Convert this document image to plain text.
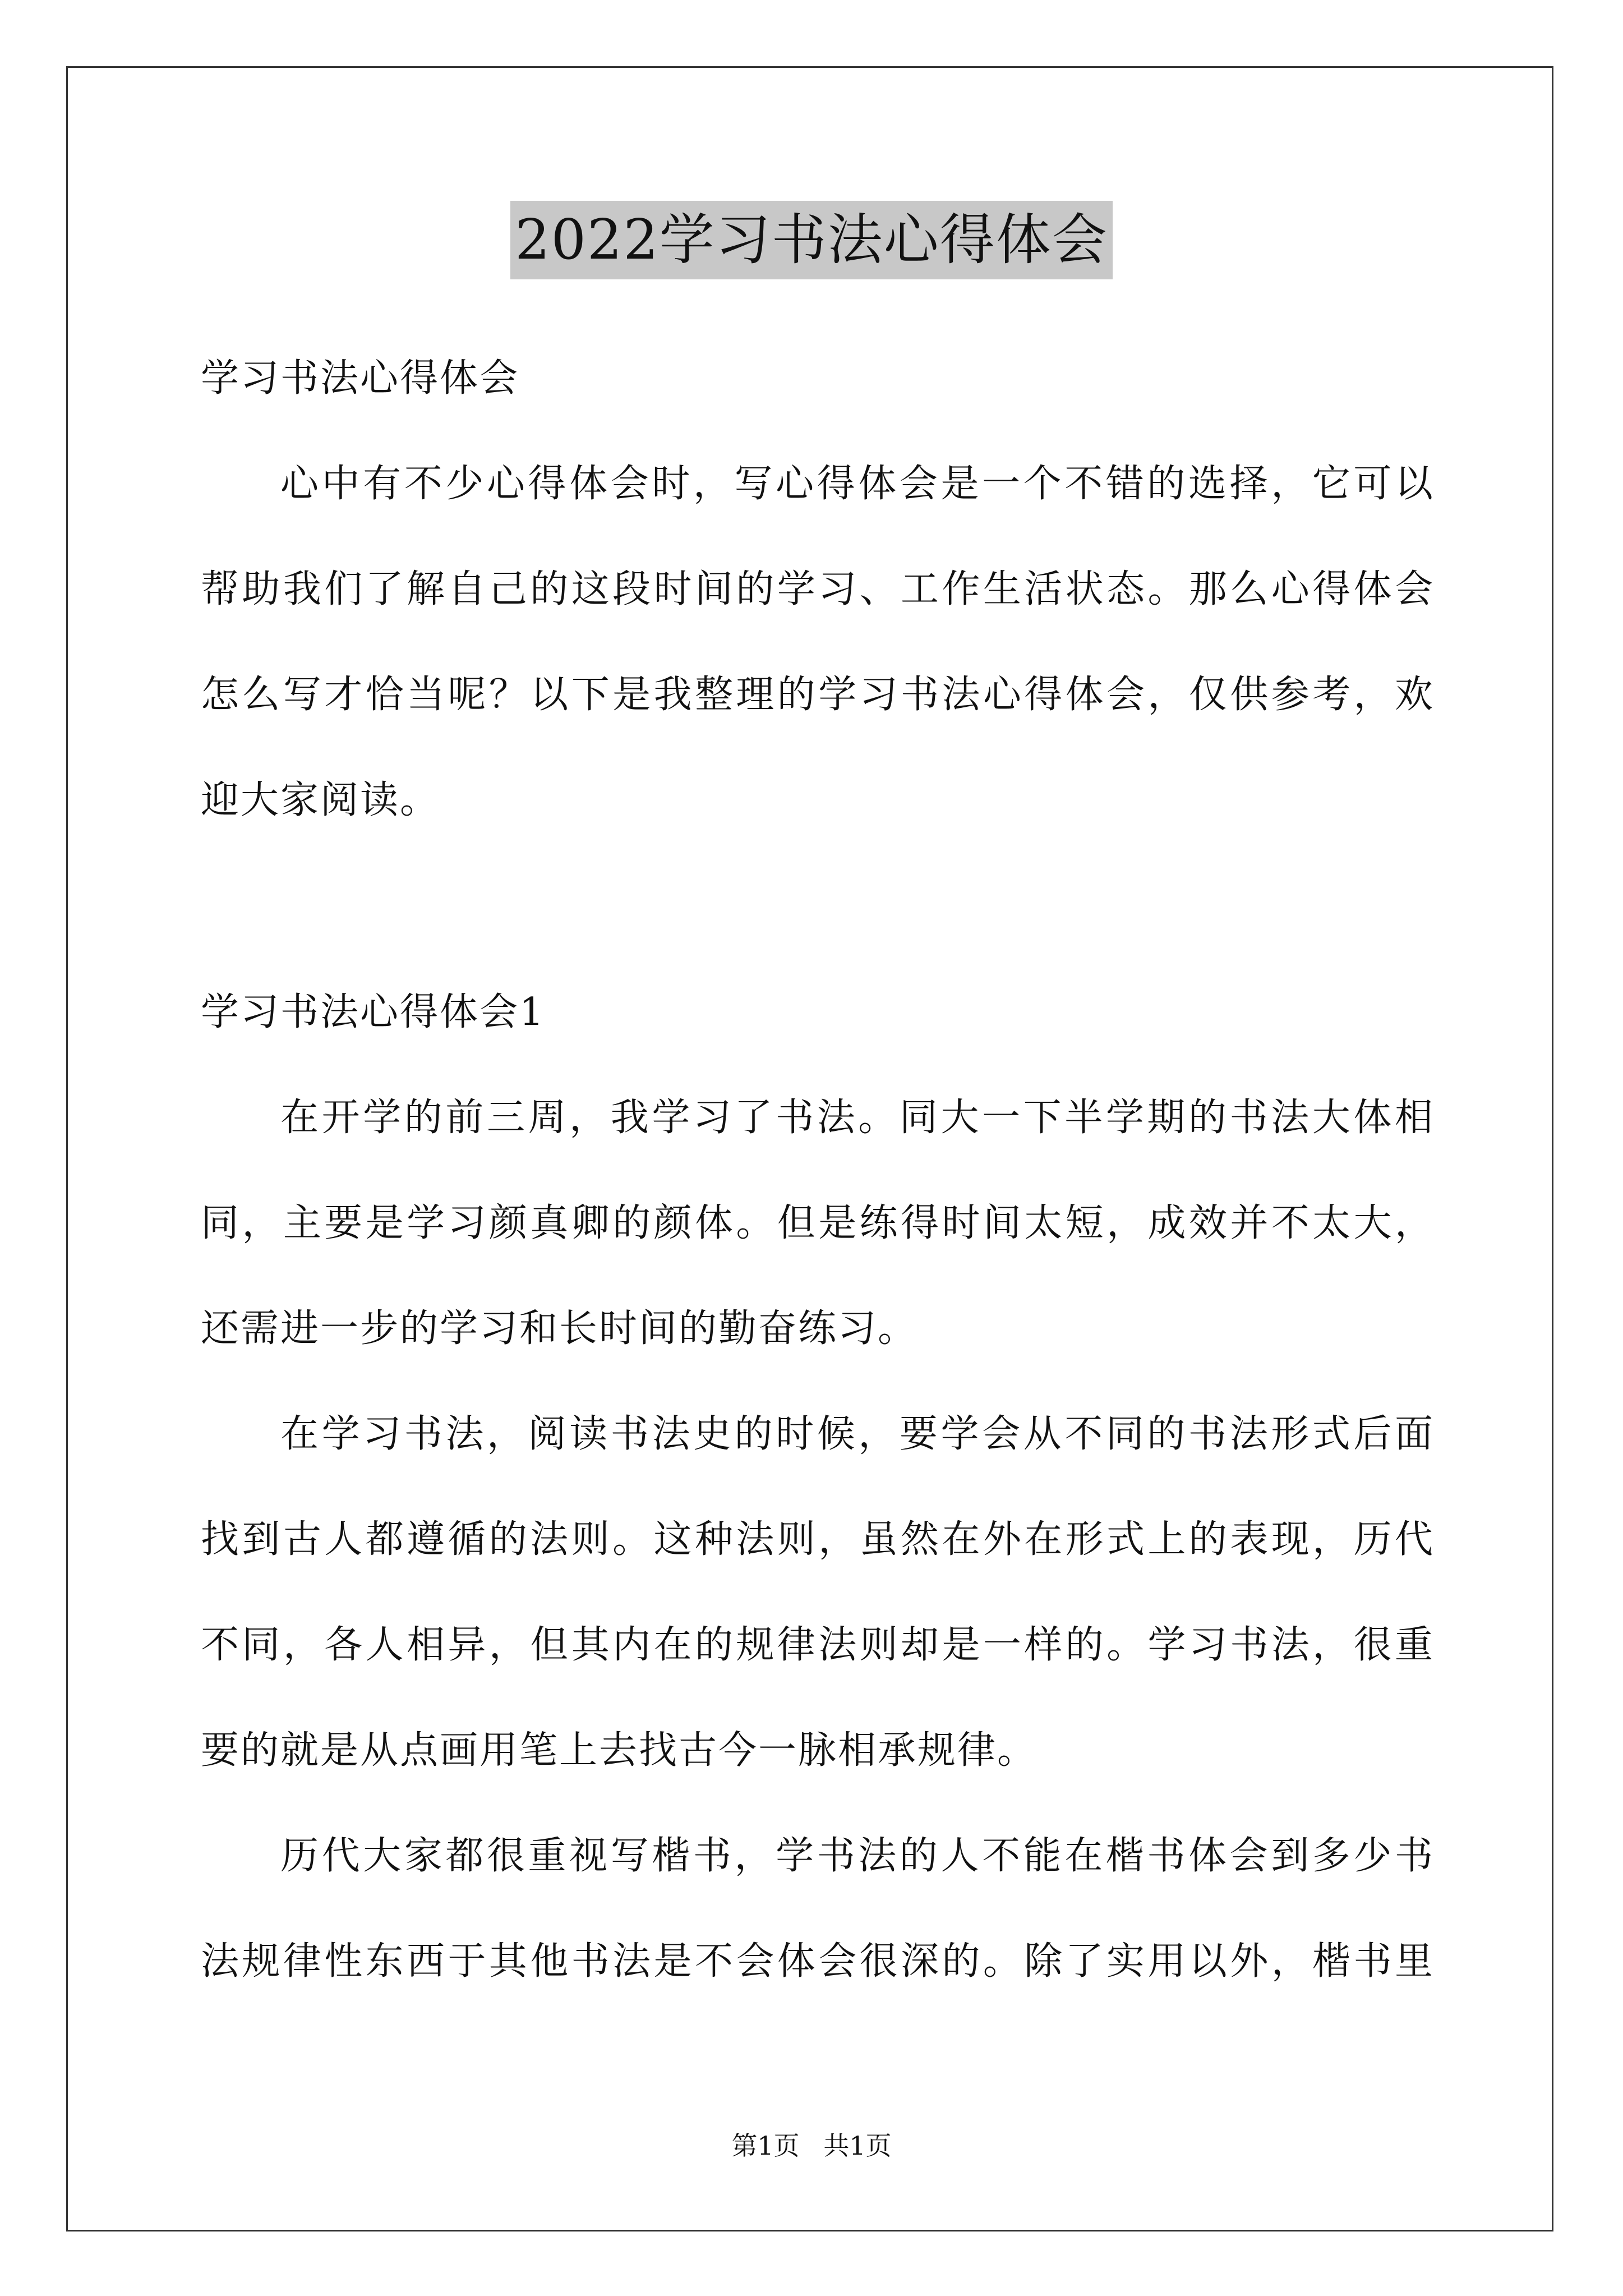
2022学习书法心得体会
学习书法心得体会
心中有不少心得体会时，写心得体会是一个不错的选择，它可以
帮助我们了解自己的这段时间的学习、工作生活状态。那么心得体会
怎么写才恰当呢？以下是我整理的学习书法心得体会，仅供参考，欢
迎大家阅读。
学习书法心得体会1
在开学的前三周，我学习了书法。同大一下半学期的书法大体相
同，主要是学习颜真卿的颜体。但是练得时间太短，成效并不太大，
还需进一步的学习和长时间的勤奋练习。
在学习书法，阅读书法史的时候，要学会从不同的书法形式后面
找到古人都遵循的法则。这种法则，虽然在外在形式上的表现，历代
不同，各人相异，但其内在的规律法则却是一样的。学习书法，很重
要的就是从点画用笔上去找古今一脉相承规律。
历代大家都很重视写楷书，学书法的人不能在楷书体会到多少书
法规律性东西于其他书法是不会体会很深的。除了实用以外，楷书里
第1页 共1页
